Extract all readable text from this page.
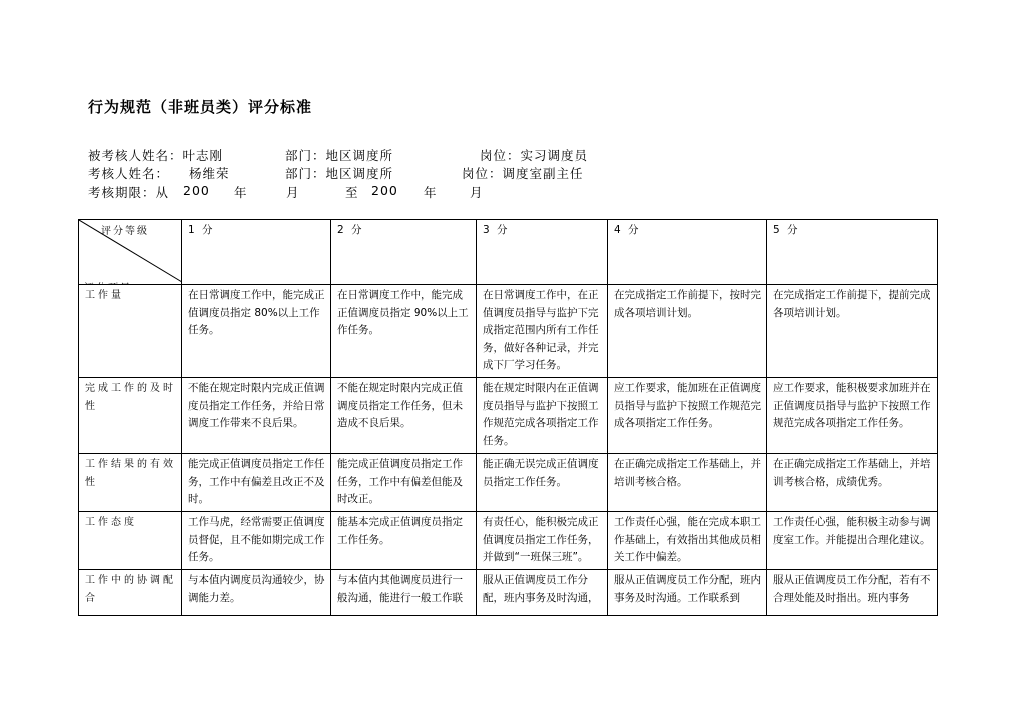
行为规范（非班员类）评分标准
被考核人姓名：叶志刚	部门：地区调度所	岗位：实习调度员
考核人姓名： 杨维荣	部门：地区调度所	岗位：调度室副主任
考核期限：从 200 年	月	至 200 年	月
评分等级	1 分	2 分	3 分	4 分	5 分
工作量	在日常调度工作中，能完成正值调度员指定 80%以上工作任务。	在日常调度工作中，能完成正值调度员指定 90%以上工作任务。	在日常调度工作中，在正值调度员指导与监护下完成指定范围内所有工作任务，做好各种记录，并完成下厂学习任务。	在完成指定工作前提下，按时完成各项培训计划。	在完成指定工作前提下，提前完成各项培训计划。
完成工作的及时性	不能在规定时限内完成正值调度员指定工作任务，并给日常调度工作带来不良后果。	不能在规定时限内完成正值调度员指定工作任务，但未造成不良后果。	能在规定时限内在正值调度员指导与监护下按照工作规范完成各项指定工作任务。	应工作要求，能加班在正值调度员指导与监护下按照工作规范完成各项指定工作任务。	应工作要求，能积极要求加班并在正值调度员指导与监护下按照工作规范完成各项指定工作任务。
工作结果的有效性	能完成正值调度员指定工作任务，工作中有偏差且改正不及时。	能完成正值调度员指定工作任务，工作中有偏差但能及时改正。	能正确无误完成正值调度员指定工作任务。	在正确完成指定工作基础上，并培训考核合格。	在正确完成指定工作基础上，并培训考核合格，成绩优秀。
工作态度	工作马虎，经常需要正值调度员督促，且不能如期完成工作任务。	能基本完成正值调度员指定工作任务。	有责任心，能积极完成正值调度员指定工作任务，并做到“一班保三班”。	工作责任心强，能在完成本职工作基础上，有效指出其他成员相关工作中偏差。	工作责任心强，能积极主动参与调度室工作。并能提出合理化建议。
工作中的协调配合	与本值内调度员沟通较少，协调能力差。	与本值内其他调度员进行一般沟通，能进行一般工作联	服从正值调度员工作分配，班内事务及时沟通，	服从正值调度员工作分配，班内事务及时沟通。工作联系到	服从正值调度员工作分配，若有不合理处能及时指出。班内事务
